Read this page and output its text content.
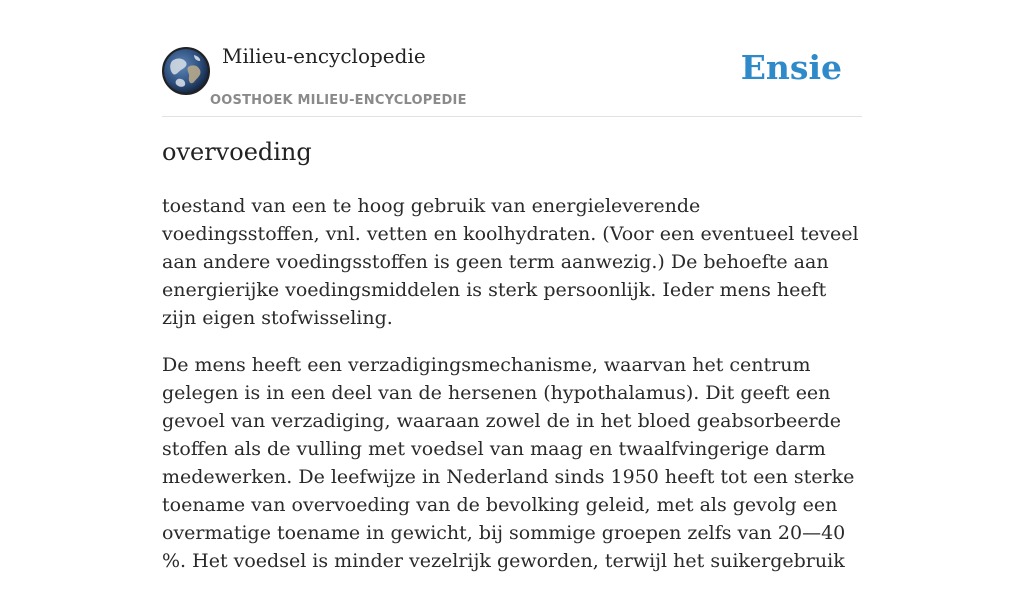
Milieu-encyclopedie
OOSTHOEK MILIEU-ENCYCLOPEDIE
Ensie
overvoeding

toestand van een te hoog gebruik van energieleverende voedingsstoffen, vnl. vetten en koolhydraten. (Voor een eventueel teveel aan andere voedingsstoffen is geen term aanwezig.) De behoefte aan energierijke voedingsmiddelen is sterk persoonlijk. Ieder mens heeft zijn eigen stofwisseling.

De mens heeft een verzadigingsmechanisme, waarvan het centrum gelegen is in een deel van de hersenen (hypothalamus). Dit geeft een gevoel van verzadiging, waaraan zowel de in het bloed geabsorbeerde stoffen als de vulling met voedsel van maag en twaalfvingerige darm medewerken. De leefwijze in Nederland sinds 1950 heeft tot een sterke toename van overvoeding van de bevolking geleid, met als gevolg een overmatige toename in gewicht, bij sommige groepen zelfs van 20—40 %. Het voedsel is minder vezelrijk geworden, terwijl het suikergebruik
